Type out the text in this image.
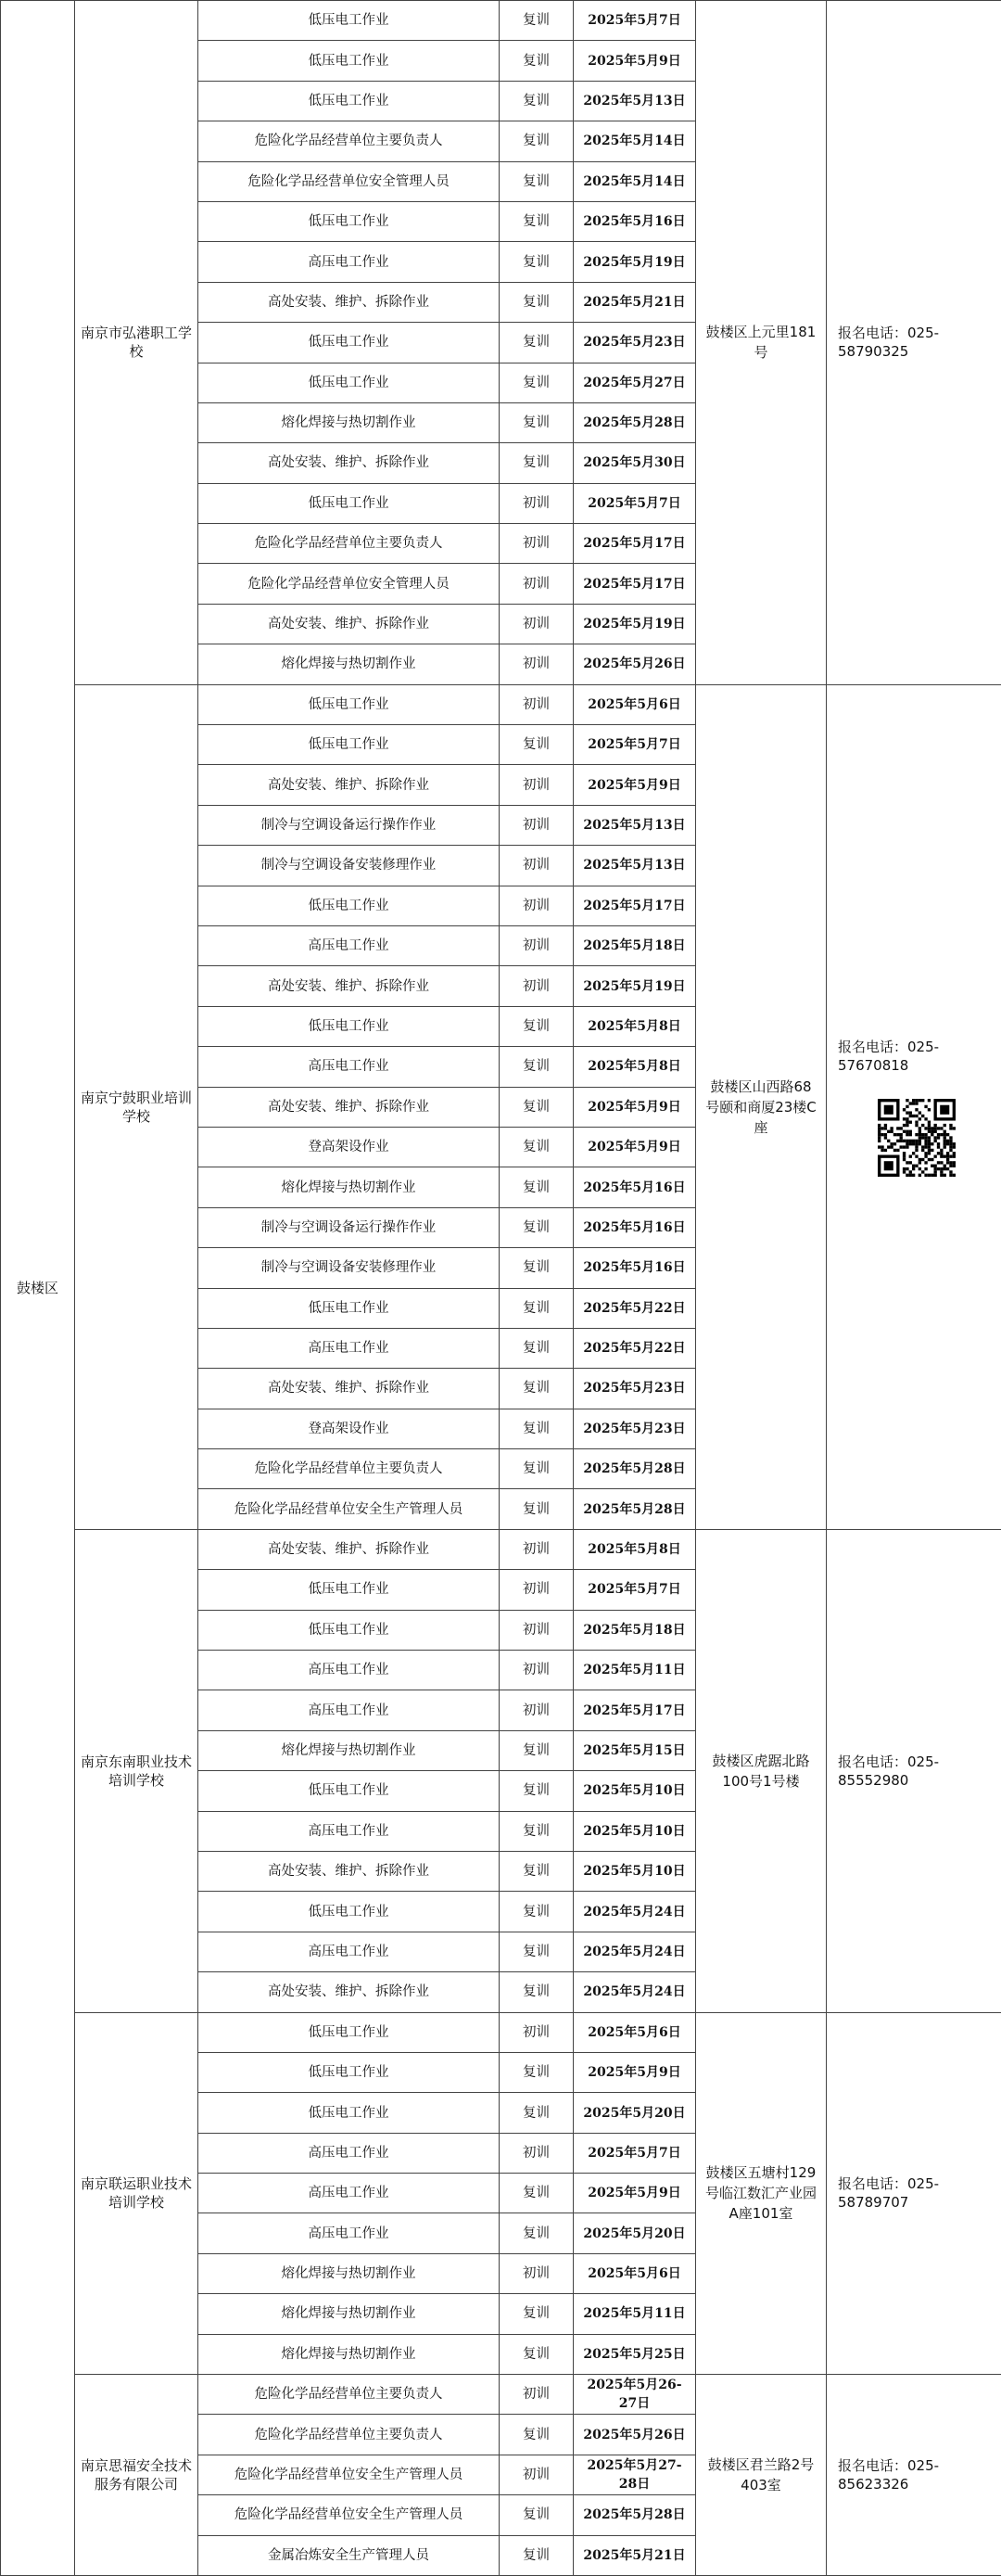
鼓楼区	南京市弘港职工学校	低压电工作业	复训	2025年5月7日	鼓楼区上元里181号	报名电话：025-58790325
		低压电工作业	复训	2025年5月9日		
		低压电工作业	复训	2025年5月13日		
		危险化学品经营单位主要负责人	复训	2025年5月14日		
		危险化学品经营单位安全管理人员	复训	2025年5月14日		
		低压电工作业	复训	2025年5月16日		
		高压电工作业	复训	2025年5月19日		
		高处安装、维护、拆除作业	复训	2025年5月21日		
		低压电工作业	复训	2025年5月23日		
		低压电工作业	复训	2025年5月27日		
		熔化焊接与热切割作业	复训	2025年5月28日		
		高处安装、维护、拆除作业	复训	2025年5月30日		
		低压电工作业	初训	2025年5月7日		
		危险化学品经营单位主要负责人	初训	2025年5月17日		
		危险化学品经营单位安全管理人员	初训	2025年5月17日		
		高处安装、维护、拆除作业	初训	2025年5月19日		
		熔化焊接与热切割作业	初训	2025年5月26日		
	南京宁鼓职业培训学校	低压电工作业	初训	2025年5月6日	鼓楼区山西路68号颐和商厦23楼C座	报名电话：025-57670818

		低压电工作业	复训	2025年5月7日		
		高处安装、维护、拆除作业	初训	2025年5月9日		
		制冷与空调设备运行操作作业	初训	2025年5月13日		
		制冷与空调设备安装修理作业	初训	2025年5月13日		
		低压电工作业	初训	2025年5月17日		
		高压电工作业	初训	2025年5月18日		
		高处安装、维护、拆除作业	初训	2025年5月19日		
		低压电工作业	复训	2025年5月8日		
		高压电工作业	复训	2025年5月8日		
		高处安装、维护、拆除作业	复训	2025年5月9日		
		登高架设作业	复训	2025年5月9日		
		熔化焊接与热切割作业	复训	2025年5月16日		
		制冷与空调设备运行操作作业	复训	2025年5月16日		
		制冷与空调设备安装修理作业	复训	2025年5月16日		
		低压电工作业	复训	2025年5月22日		
		高压电工作业	复训	2025年5月22日		
		高处安装、维护、拆除作业	复训	2025年5月23日		
		登高架设作业	复训	2025年5月23日		
		危险化学品经营单位主要负责人	复训	2025年5月28日		
		危险化学品经营单位安全生产管理人员	复训	2025年5月28日		
	南京东南职业技术培训学校	高处安装、维护、拆除作业	初训	2025年5月8日	鼓楼区虎踞北路100号1号楼	报名电话：025-85552980
		低压电工作业	初训	2025年5月7日		
		低压电工作业	初训	2025年5月18日		
		高压电工作业	初训	2025年5月11日		
		高压电工作业	初训	2025年5月17日		
		熔化焊接与热切割作业	复训	2025年5月15日		
		低压电工作业	复训	2025年5月10日		
		高压电工作业	复训	2025年5月10日		
		高处安装、维护、拆除作业	复训	2025年5月10日		
		低压电工作业	复训	2025年5月24日		
		高压电工作业	复训	2025年5月24日		
		高处安装、维护、拆除作业	复训	2025年5月24日		
	南京联运职业技术培训学校	低压电工作业	初训	2025年5月6日	鼓楼区五塘村129号临江数汇产业园A座101室	报名电话：025-58789707
		低压电工作业	复训	2025年5月9日		
		低压电工作业	复训	2025年5月20日		
		高压电工作业	初训	2025年5月7日		
		高压电工作业	复训	2025年5月9日		
		高压电工作业	复训	2025年5月20日		
		熔化焊接与热切割作业	初训	2025年5月6日		
		熔化焊接与热切割作业	复训	2025年5月11日		
		熔化焊接与热切割作业	复训	2025年5月25日		
	南京思福安全技术服务有限公司	危险化学品经营单位主要负责人	初训	2025年5月26-27日	鼓楼区君兰路2号403室	报名电话：025-85623326
		危险化学品经营单位主要负责人	复训	2025年5月26日		
		危险化学品经营单位安全生产管理人员	初训	2025年5月27-28日		
		危险化学品经营单位安全生产管理人员	复训	2025年5月28日		
		金属冶炼安全生产管理人员	复训	2025年5月21日		
